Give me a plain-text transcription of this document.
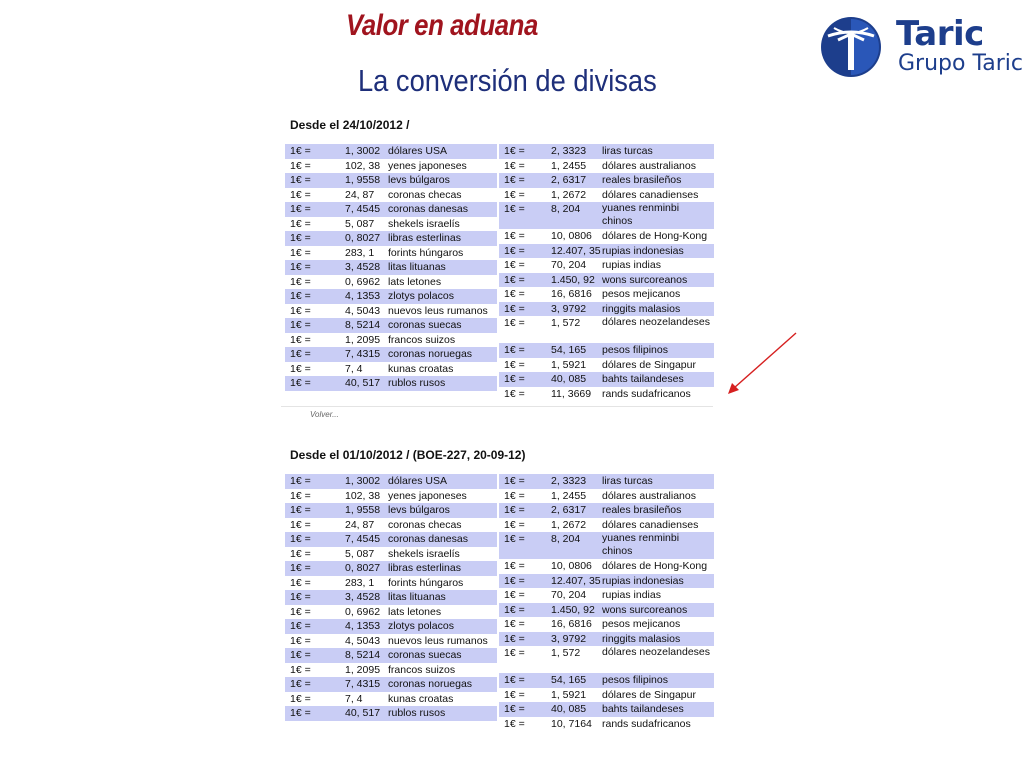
Valor en aduana
La conversión de divisas
Taric
Grupo Taric
Desde el 24/10/2012 /
1€ =	1, 3002 dólares USA
1€ =	102, 38 yenes japoneses
1€ =	1, 9558 levs búlgaros
1€ =	24, 87 coronas checas
1€ =	7, 4545 coronas danesas
1€ =	5, 087 shekels israelís
1€ =	0, 8027 libras esterlinas
1€ =	283, 1 forints húngaros
1€ =	3, 4528 litas lituanas
1€ =	0, 6962 lats letones
1€ =	4, 1353 zlotys polacos
1€ =	4, 5043 nuevos leus rumanos
1€ =	8, 5214 coronas suecas
1€ =	1, 2095 francos suizos
1€ =	7, 4315 coronas noruegas
1€ =	7, 4 kunas croatas
1€ =	40, 517 rublos rusos
1€ =	2, 3323 liras turcas
1€ =	1, 2455 dólares australianos
1€ =	2, 6317 reales brasileños
1€ =	1, 2672 dólares canadienses
1€ =	8, 204 yuanes renminbi chinos
1€ =	10, 0806 dólares de Hong-Kong
1€ =	12.407, 35 rupias indonesias
1€ =	70, 204 rupias indias
1€ =	1.450, 92 wons surcoreanos
1€ =	16, 6816 pesos mejicanos
1€ =	3, 9792 ringgits malasios
1€ =	1, 572 dólares neozelandeses
1€ =	54, 165 pesos filipinos
1€ =	1, 5921 dólares de Singapur
1€ =	40, 085 bahts tailandeses
1€ =	11, 3669 rands sudafricanos
Volver...
Desde el 01/10/2012 / (BOE-227, 20-09-12)
1€ =	1, 3002 dólares USA
1€ =	102, 38 yenes japoneses
1€ =	1, 9558 levs búlgaros
1€ =	24, 87 coronas checas
1€ =	7, 4545 coronas danesas
1€ =	5, 087 shekels israelís
1€ =	0, 8027 libras esterlinas
1€ =	283, 1 forints húngaros
1€ =	3, 4528 litas lituanas
1€ =	0, 6962 lats letones
1€ =	4, 1353 zlotys polacos
1€ =	4, 5043 nuevos leus rumanos
1€ =	8, 5214 coronas suecas
1€ =	1, 2095 francos suizos
1€ =	7, 4315 coronas noruegas
1€ =	7, 4 kunas croatas
1€ =	40, 517 rublos rusos
1€ =	2, 3323 liras turcas
1€ =	1, 2455 dólares australianos
1€ =	2, 6317 reales brasileños
1€ =	1, 2672 dólares canadienses
1€ =	8, 204 yuanes renminbi chinos
1€ =	10, 0806 dólares de Hong-Kong
1€ =	12.407, 35 rupias indonesias
1€ =	70, 204 rupias indias
1€ =	1.450, 92 wons surcoreanos
1€ =	16, 6816 pesos mejicanos
1€ =	3, 9792 ringgits malasios
1€ =	1, 572 dólares neozelandeses
1€ =	54, 165 pesos filipinos
1€ =	1, 5921 dólares de Singapur
1€ =	40, 085 bahts tailandeses
1€ =	10, 7164 rands sudafricanos
